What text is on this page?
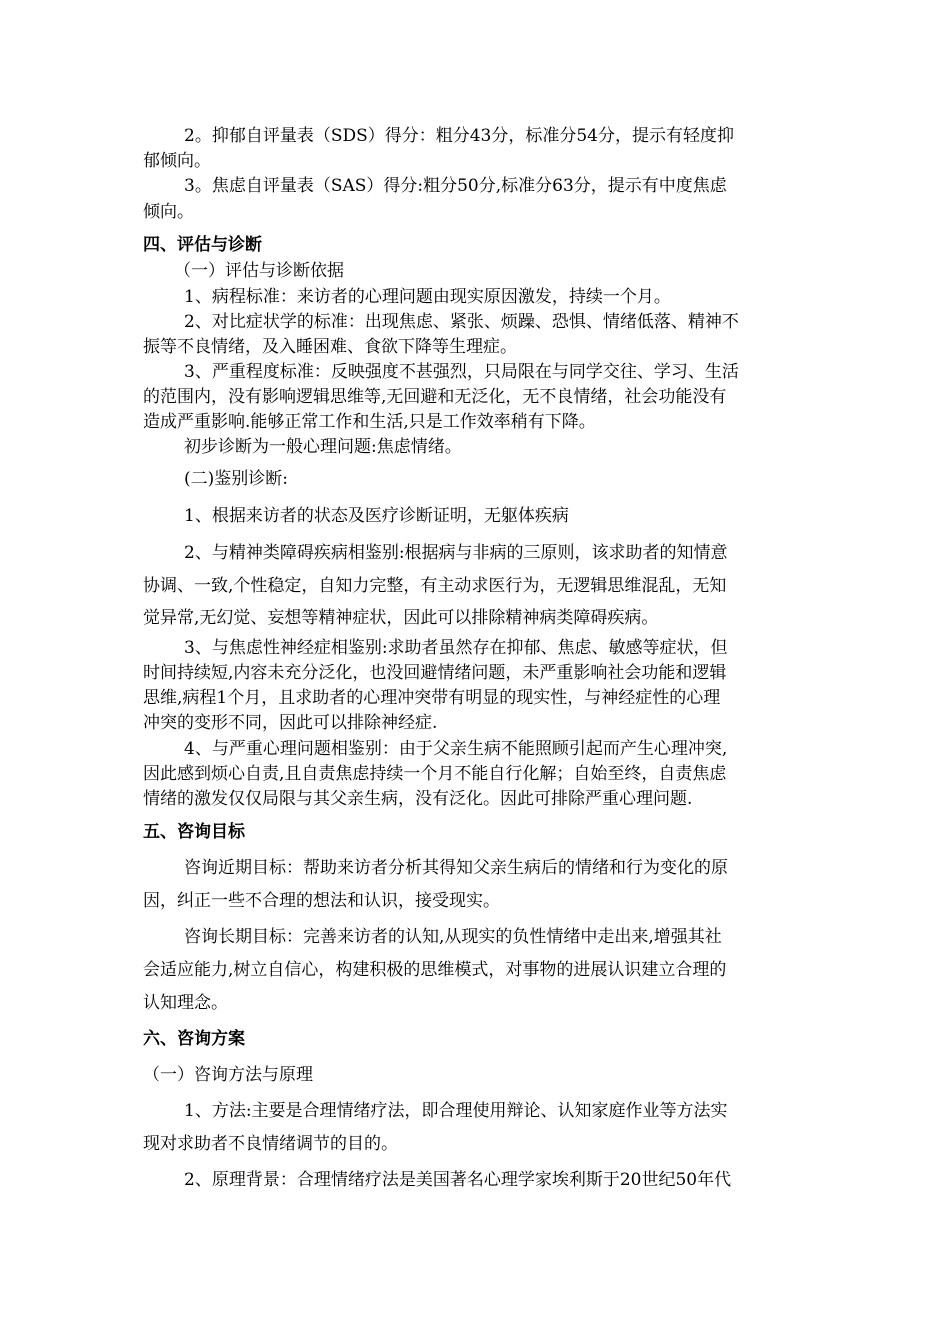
2。抑郁自评量表（SDS）得分：粗分43分，标准分54分，提示有轻度抑
郁倾向。
3。焦虑自评量表（SAS）得分:粗分50分,标准分63分，提示有中度焦虑
倾向。
四、评估与诊断
（一）评估与诊断依据
1、病程标准：来访者的心理问题由现实原因激发，持续一个月。
2、对比症状学的标准：出现焦虑、紧张、烦躁、恐惧、情绪低落、精神不
振等不良情绪，及入睡困难、食欲下降等生理症。
3、严重程度标准：反映强度不甚强烈，只局限在与同学交往、学习、生活
的范围内，没有影响逻辑思维等,无回避和无泛化，无不良情绪，社会功能没有
造成严重影响.能够正常工作和生活,只是工作效率稍有下降。
初步诊断为一般心理问题:焦虑情绪。
(二)鉴别诊断:
1、根据来访者的状态及医疗诊断证明，无躯体疾病
2、与精神类障碍疾病相鉴别:根据病与非病的三原则，该求助者的知情意
协调、一致,个性稳定，自知力完整，有主动求医行为，无逻辑思维混乱，无知
觉异常,无幻觉、妄想等精神症状，因此可以排除精神病类障碍疾病。
3、与焦虑性神经症相鉴别:求助者虽然存在抑郁、焦虑、敏感等症状，但
时间持续短,内容未充分泛化，也没回避情绪问题，未严重影响社会功能和逻辑
思维,病程1个月，且求助者的心理冲突带有明显的现实性，与神经症性的心理
冲突的变形不同，因此可以排除神经症.
4、与严重心理问题相鉴别：由于父亲生病不能照顾引起而产生心理冲突,
因此感到烦心自责,且自责焦虑持续一个月不能自行化解；自始至终，自责焦虑
情绪的激发仅仅局限与其父亲生病，没有泛化。因此可排除严重心理问题.
五、咨询目标
咨询近期目标：帮助来访者分析其得知父亲生病后的情绪和行为变化的原
因，纠正一些不合理的想法和认识，接受现实。
咨询长期目标：完善来访者的认知,从现实的负性情绪中走出来,增强其社
会适应能力,树立自信心，构建积极的思维模式，对事物的进展认识建立合理的
认知理念。
六、咨询方案
（一）咨询方法与原理
1、方法:主要是合理情绪疗法，即合理使用辩论、认知家庭作业等方法实
现对求助者不良情绪调节的目的。
2、原理背景：合理情绪疗法是美国著名心理学家埃利斯于20世纪50年代
